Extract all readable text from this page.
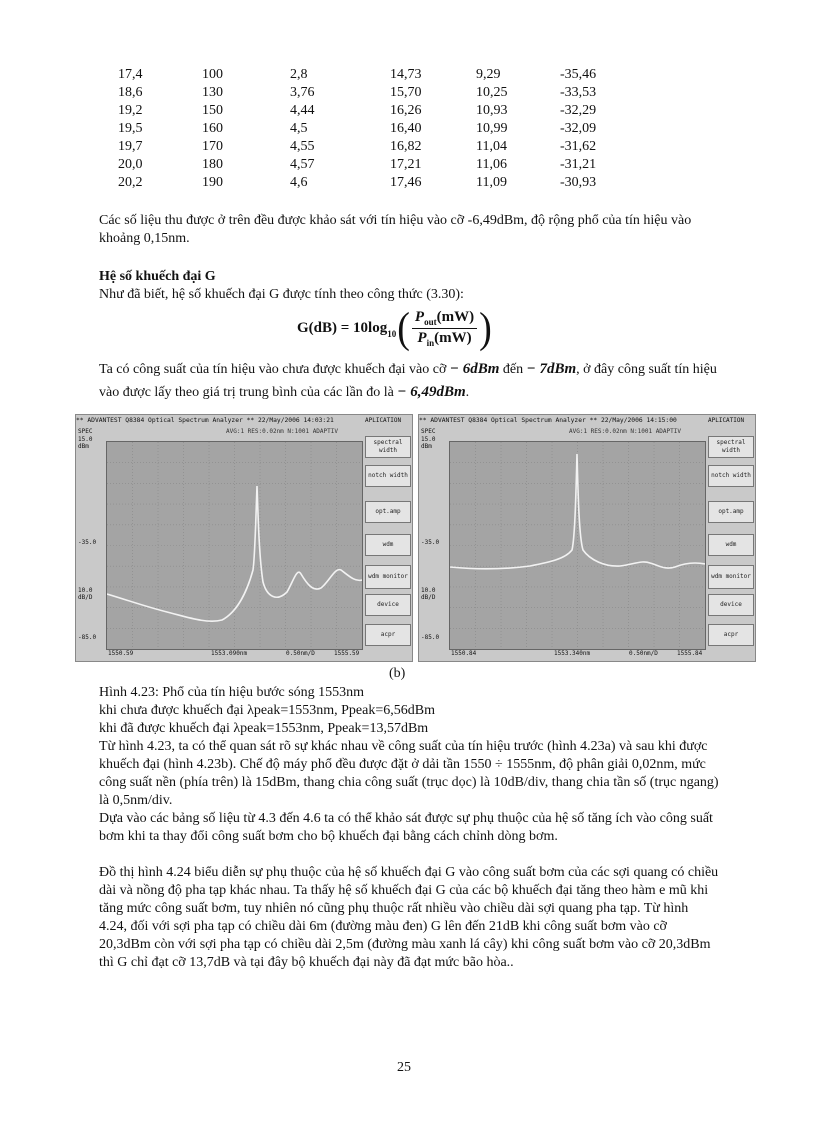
17,4	100	2,8	14,73	9,29	-35,46
18,6	130	3,76	15,70	10,25	-33,53
19,2	150	4,44	16,26	10,93	-32,29
19,5	160	4,5	16,40	10,99	-32,09
19,7	170	4,55	16,82	11,04	-31,62
20,0	180	4,57	17,21	11,06	-31,21
20,2	190	4,6	17,46	11,09	-30,93

Các số liệu thu được ở trên đều được khảo sát với tín hiệu vào cỡ -6,49dBm, độ rộng phổ của tín hiệu vào khoảng 0,15nm.

Hệ số khuếch đại G

Như đã biết, hệ số khuếch đại G được tính theo công thức (3.30):

G(dB) = 10log 10 ( $\frac{P_{out}(mW)}{P_{in}(mW)}$ )

Ta có công suất của tín hiệu vào chưa được khuếch đại vào cỡ − 6dBm đến − 7dBm, ở đây công suất tín hiệu vào được lấy theo giá trị trung bình của các lần đo là − 6,49dBm.

** ADVANTEST Q8384 Optical Spectrum Analyzer ** 22/May/2006 14:03:21	APLICATION
SPEC	AVG:1 RES:0.02nm N:1001 ADAPTIV
15.0
dBm
-35.0
10.0
dB/D
-85.0
1550.59	1553.090nm	0.50nm/D	1555.59
spectral width
notch width
opt.amp
wdm
wdm monitor
device
acpr
** ADVANTEST Q8384 Optical Spectrum Analyzer ** 22/May/2006 14:15:00	APLICATION
SPEC	AVG:1 RES:0.02nm N:1001 ADAPTIV
15.0
dBm
-35.0
10.0
dB/D
-85.0
1550.84	1553.340nm	0.50nm/D	1555.84
spectral width
notch width
opt.amp
wdm
wdm monitor
device
acpr
(b)

Hình 4.23: Phổ của tín hiệu bước sóng 1553nm

khi chưa được khuếch đại λpeak=1553nm, Ppeak=6,56dBm

khi đã được khuếch đại λpeak=1553nm, Ppeak=13,57dBm

Từ hình 4.23, ta có thể quan sát rõ sự khác nhau về công suất của tín hiệu trước (hình 4.23a) và sau khi được khuếch đại (hình 4.23b). Chế độ máy phổ đều được đặt ở dải tần 1550 ÷ 1555nm, độ phân giải 0,02nm, mức công suất nền (phía trên) là 15dBm, thang chia công suất (trục dọc) là 10dB/div, thang chia tần số (trục ngang) là 0,5nm/div.

Dựa vào các bảng số liệu từ 4.3 đến 4.6 ta có thể khảo sát được sự phụ thuộc của hệ số tăng ích vào công suất bơm khi ta thay đổi công suất bơm cho bộ khuếch đại bằng cách chỉnh dòng bơm.

Đồ thị hình 4.24 biểu diễn sự phụ thuộc của hệ số khuếch đại G vào công suất bơm của các sợi quang có chiều dài và nồng độ pha tạp khác nhau. Ta thấy hệ số khuếch đại G của các bộ khuếch đại tăng theo hàm e mũ khi tăng mức công suất bơm, tuy nhiên nó cũng phụ thuộc rất nhiều vào chiều dài sợi quang pha tạp. Từ hình 4.24, đối với sợi pha tạp có chiều dài 6m (đường màu đen) G lên đến 21dB khi công suất bơm vào cỡ 20,3dBm còn với sợi pha tạp có chiều dài 2,5m (đường màu xanh lá cây) khi công suất bơm vào cỡ 20,3dBm thì G chỉ đạt cỡ 13,7dB và tại đây bộ khuếch đại này đã đạt mức bão hòa..

25
